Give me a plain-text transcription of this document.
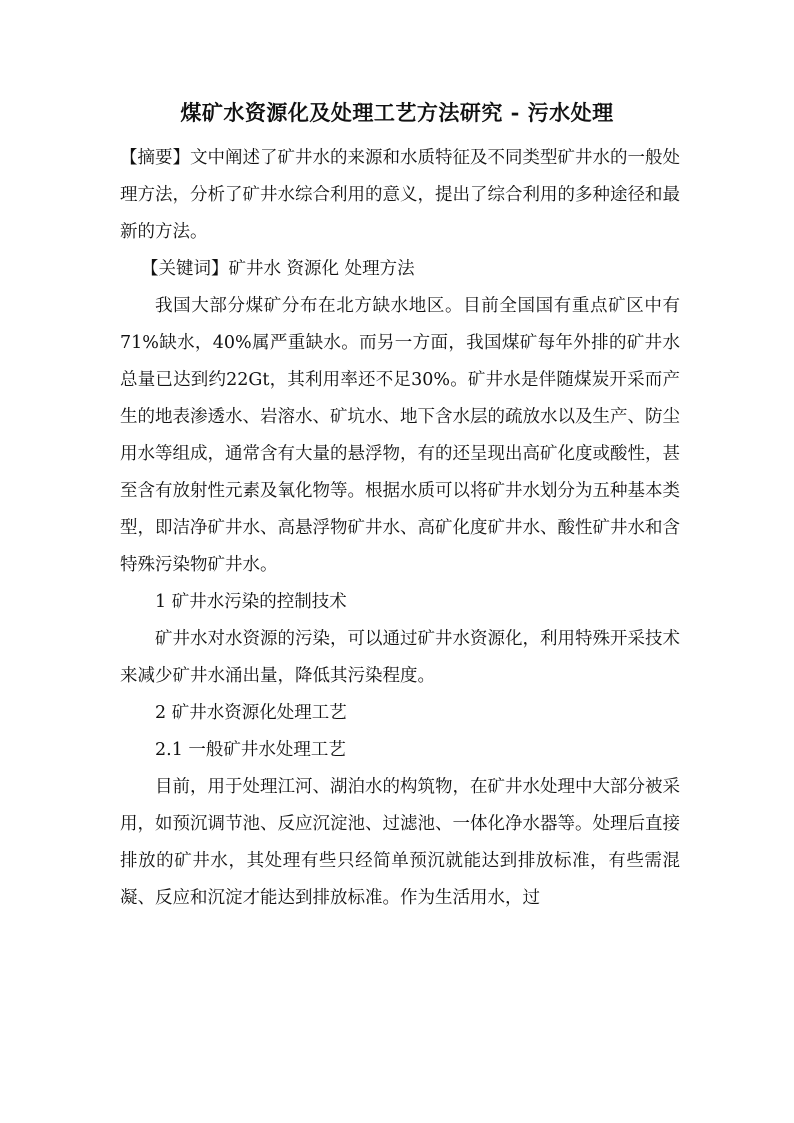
煤矿水资源化及处理工艺方法研究 - 污水处理

【摘要】文中阐述了矿井水的来源和水质特征及不同类型矿井水的一般处理方法，分析了矿井水综合利用的意义，提出了综合利用的多种途径和最新的方法。

【关键词】矿井水 资源化 处理方法

我国大部分煤矿分布在北方缺水地区。目前全国国有重点矿区中有71%缺水，40%属严重缺水。而另一方面，我国煤矿每年外排的矿井水总量已达到约22Gt，其利用率还不足30%。矿井水是伴随煤炭开采而产生的地表渗透水、岩溶水、矿坑水、地下含水层的疏放水以及生产、防尘用水等组成，通常含有大量的悬浮物，有的还呈现出高矿化度或酸性，甚至含有放射性元素及氧化物等。根据水质可以将矿井水划分为五种基本类型，即洁净矿井水、高悬浮物矿井水、高矿化度矿井水、酸性矿井水和含特殊污染物矿井水。

1 矿井水污染的控制技术

矿井水对水资源的污染，可以通过矿井水资源化，利用特殊开采技术来减少矿井水涌出量，降低其污染程度。

2 矿井水资源化处理工艺

2.1 一般矿井水处理工艺

目前，用于处理江河、湖泊水的构筑物，在矿井水处理中大部分被采用，如预沉调节池、反应沉淀池、过滤池、一体化净水器等。处理后直接排放的矿井水，其处理有些只经简单预沉就能达到排放标准，有些需混凝、反应和沉淀才能达到排放标准。作为生活用水，过
